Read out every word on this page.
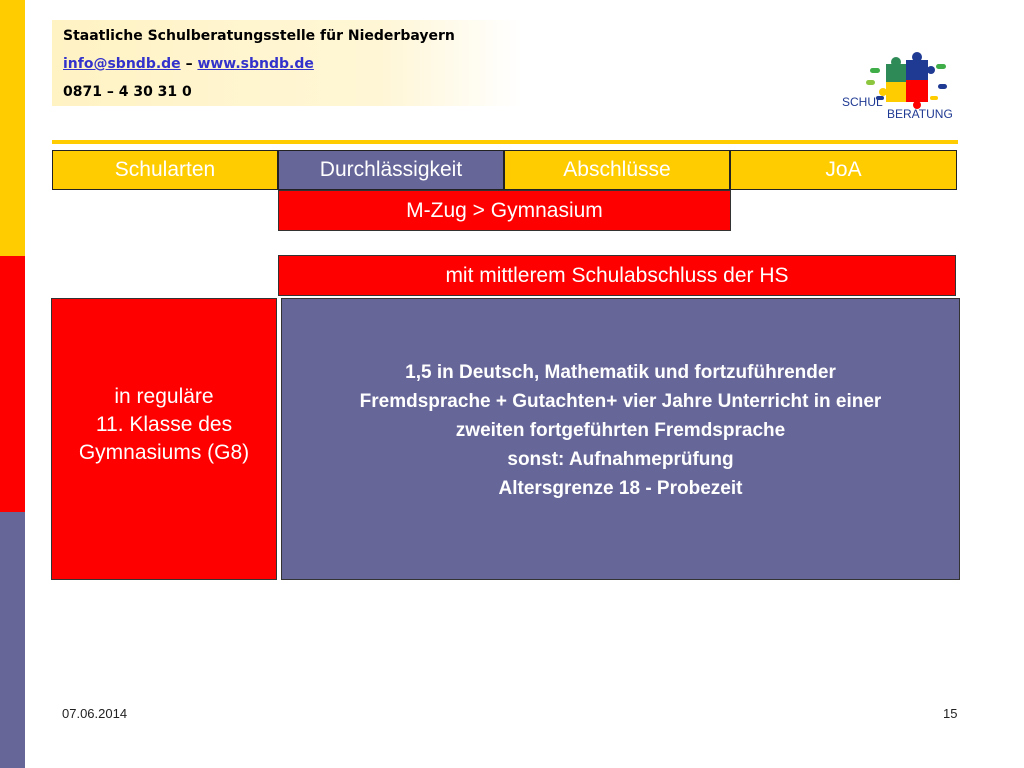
Staatliche Schulberatungsstelle für Niederbayern
info@sbndb.de – www.sbndb.de
0871 – 4 30 31 0
SCHUL
BERATUNG
Schularten	Durchlässigkeit	Abschlüsse	JoA
M-Zug > Gymnasium
mit mittlerem Schulabschluss der HS
in reguläre
11. Klasse des
Gymnasiums (G8)
1,5 in Deutsch, Mathematik und fortzuführender
Fremdsprache + Gutachten+ vier Jahre Unterricht in einer
zweiten fortgeführten Fremdsprache
sonst: Aufnahmeprüfung
Altersgrenze 18 - Probezeit
07.06.2014	15
